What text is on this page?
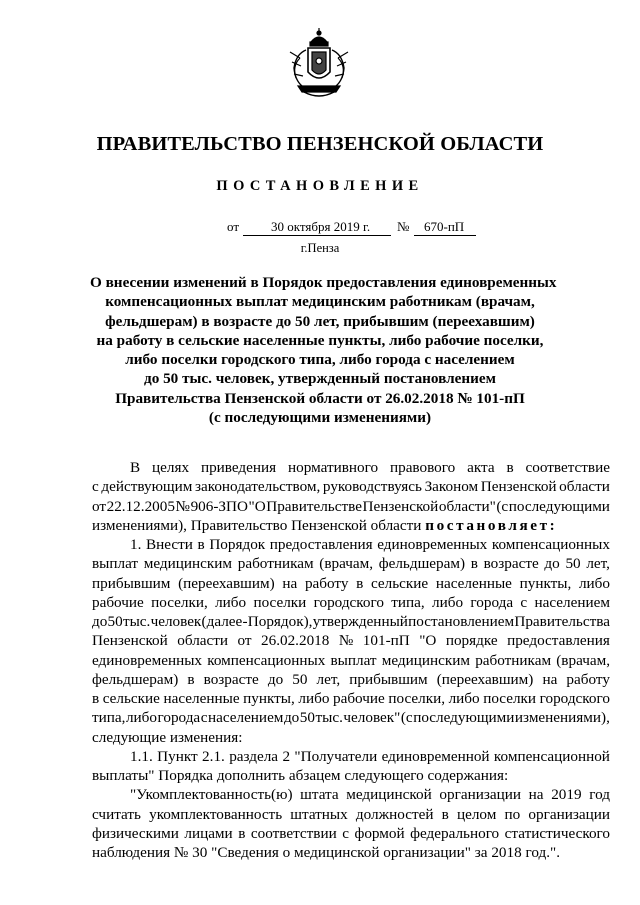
ПРАВИТЕЛЬСТВО ПЕНЗЕНСКОЙ ОБЛАСТИ
ПОСТАНОВЛЕНИЕ
от 30 октября 2019 г. № 670-пП
г.Пенза
О внесении изменений в Порядок предоставления единовременных
компенсационных выплат медицинским работникам (врачам,
фельдшерам) в возрасте до 50 лет, прибывшим (переехавшим)
на работу в сельские населенные пункты, либо рабочие поселки,
либо поселки городского типа, либо города с населением
до 50 тыс. человек, утвержденный постановлением
Правительства Пензенской области от 26.02.2018 № 101-пП
(с последующими изменениями)
В целях приведения нормативного правового акта в соответствие
с действующим законодательством, руководствуясь Законом Пензенской области
от 22.12.2005 № 906-ЗПО "О Правительстве Пензенской области" (с последующими
изменениями), Правительство Пензенской области постановляет:
1. Внести в Порядок предоставления единовременных компенсационных
выплат медицинским работникам (врачам, фельдшерам) в возрасте до 50 лет,
прибывшим (переехавшим) на работу в сельские населенные пункты, либо
рабочие поселки, либо поселки городского типа, либо города с населением
до 50 тыс. человек (далее - Порядок), утвержденный постановлением Правительства
Пензенской области от 26.02.2018 № 101-пП "О порядке предоставления
единовременных компенсационных выплат медицинским работникам (врачам,
фельдшерам) в возрасте до 50 лет, прибывшим (переехавшим) на работу
в сельские населенные пункты, либо рабочие поселки, либо поселки городского
типа, либо города с населением до 50 тыс. человек" (с последующими изменениями),
следующие изменения:
1.1. Пункт 2.1. раздела 2 "Получатели единовременной компенсационной
выплаты" Порядка дополнить абзацем следующего содержания:
"Укомплектованность(ю) штата медицинской организации на 2019 год
считать укомплектованность штатных должностей в целом по организации
физическими лицами в соответствии с формой федерального статистического
наблюдения № 30 "Сведения о медицинской организации" за 2018 год.".
